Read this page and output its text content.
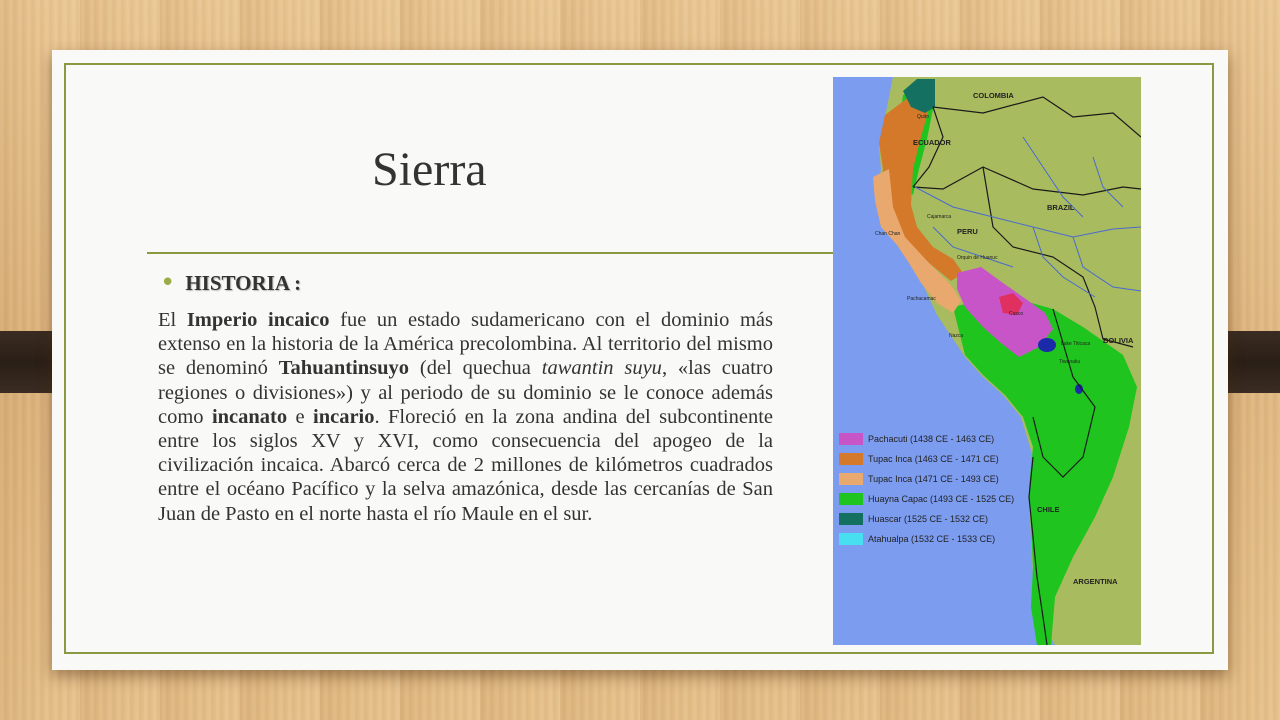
Sierra
• HISTORIA :
El Imperio incaico fue un estado sudamericano con el dominio más extenso en la historia de la América precolombina. Al territorio del mismo se denominó Tahuantinsuyo (del quechua tawantin suyu, «las cuatro regiones o divisiones») y al periodo de su dominio se le conoce además como incanato e incario. Floreció en la zona andina del subcontinente entre los siglos XV y XVI, como consecuencia del apogeo de la civilización incaica. Abarcó cerca de 2 millones de kilómetros cuadrados entre el océano Pacífico y la selva amazónica, desde las cercanías de San Juan de Pasto en el norte hasta el río Maule en el sur.
COLOMBIA
ECUADOR
BRAZIL
PERU
BOLIVIA
CHILE
ARGENTINA
Quito
Cajamarca
Chan Chan
Orquin de Huanuc
Pachacamac
Cusco
Nazca
Lake Titicaca
Tiwanaku
Pachacuti (1438 CE - 1463 CE)
Tupac Inca (1463 CE - 1471 CE)
Tupac Inca (1471 CE - 1493 CE)
Huayna Capac (1493 CE - 1525 CE)
Huascar (1525 CE - 1532 CE)
Atahualpa (1532 CE - 1533 CE)
